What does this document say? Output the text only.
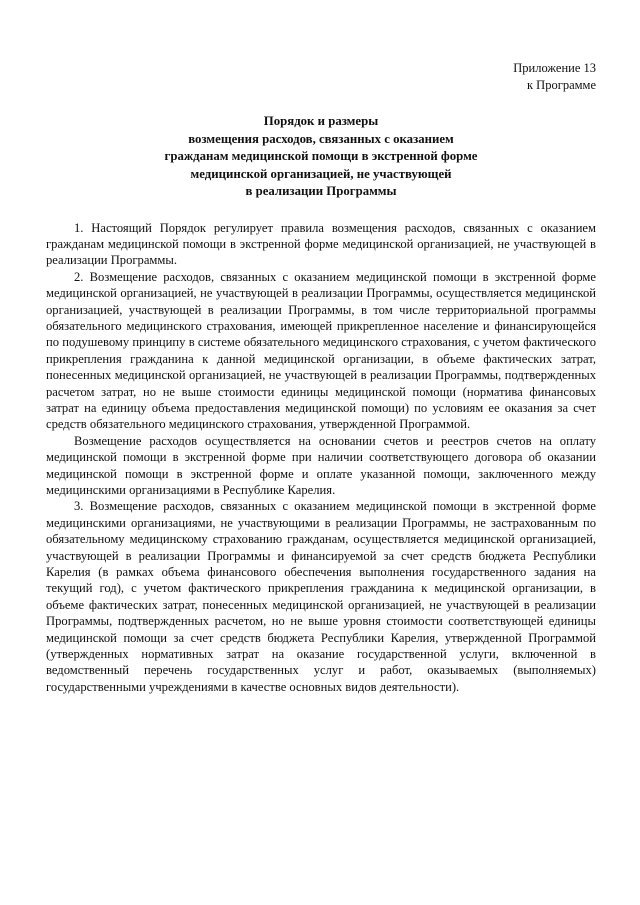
Приложение 13
к Программе
Порядок и размеры
возмещения расходов, связанных с оказанием
гражданам медицинской помощи в экстренной форме
медицинской организацией, не участвующей
в реализации Программы

1. Настоящий Порядок регулирует правила возмещения расходов, связанных с оказанием гражданам медицинской помощи в экстренной форме медицинской организацией, не участвующей в реализации Программы.

2. Возмещение расходов, связанных с оказанием медицинской помощи в экстренной форме медицинской организацией, не участвующей в реализации Программы, осуществляется медицинской организацией, участвующей в реализации Программы, в том числе территориальной программы обязательного медицинского страхования, имеющей прикрепленное население и финансирующейся по подушевому принципу в системе обязательного медицинского страхования, с учетом фактического прикрепления гражданина к данной медицинской организации, в объеме фактических затрат, понесенных медицинской организацией, не участвующей в реализации Программы, подтвержденных расчетом затрат, но не выше стоимости единицы медицинской помощи (норматива финансовых затрат на единицу объема предоставления медицинской помощи) по условиям ее оказания за счет средств обязательного медицинского страхования, утвержденной Программой.

Возмещение расходов осуществляется на основании счетов и реестров счетов на оплату медицинской помощи в экстренной форме при наличии соответствующего договора об оказании медицинской помощи в экстренной форме и оплате указанной помощи, заключенного между медицинскими организациями в Республике Карелия.

3. Возмещение расходов, связанных с оказанием медицинской помощи в экстренной форме медицинскими организациями, не участвующими в реализации Программы, не застрахованным по обязательному медицинскому страхованию гражданам, осуществляется медицинской организацией, участвующей в реализации Программы и финансируемой за счет средств бюджета Республики Карелия (в рамках объема финансового обеспечения выполнения государственного задания на текущий год), с учетом фактического прикрепления гражданина к медицинской организации, в объеме фактических затрат, понесенных медицинской организацией, не участвующей в реализации Программы, подтвержденных расчетом, но не выше уровня стоимости соответствующей единицы медицинской помощи за счет средств бюджета Республики Карелия, утвержденной Программой (утвержденных нормативных затрат на оказание государственной услуги, включенной в ведомственный перечень государственных услуг и работ, оказываемых (выполняемых) государственными учреждениями в качестве основных видов деятельности).
